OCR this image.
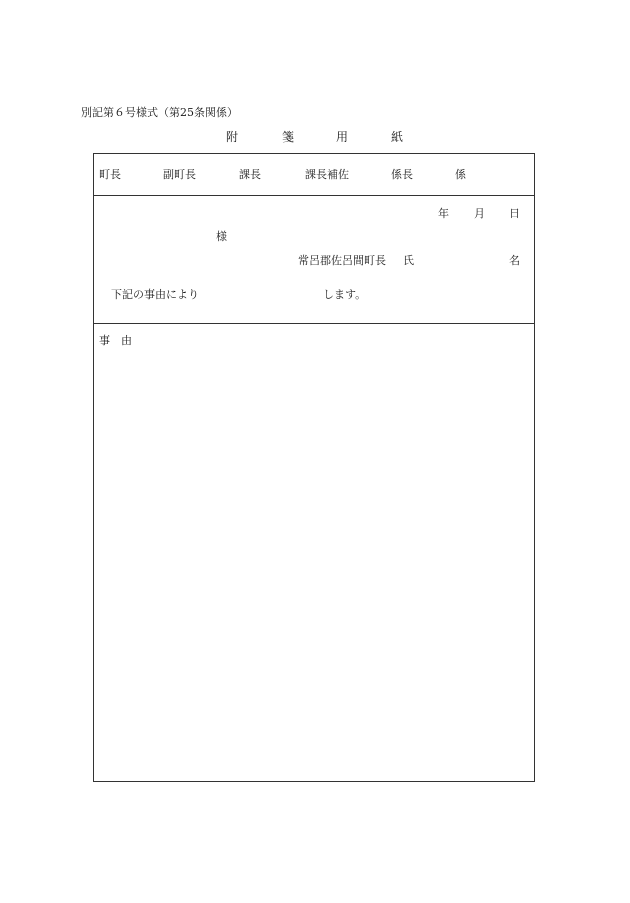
別記第６号様式（第25条関係）
附	箋	用	紙
町長	副町長	課長	課長補佐	係長	係
年 月 日
様
常呂郡佐呂間町長 氏	名
下記の事由により	します。
事　由
